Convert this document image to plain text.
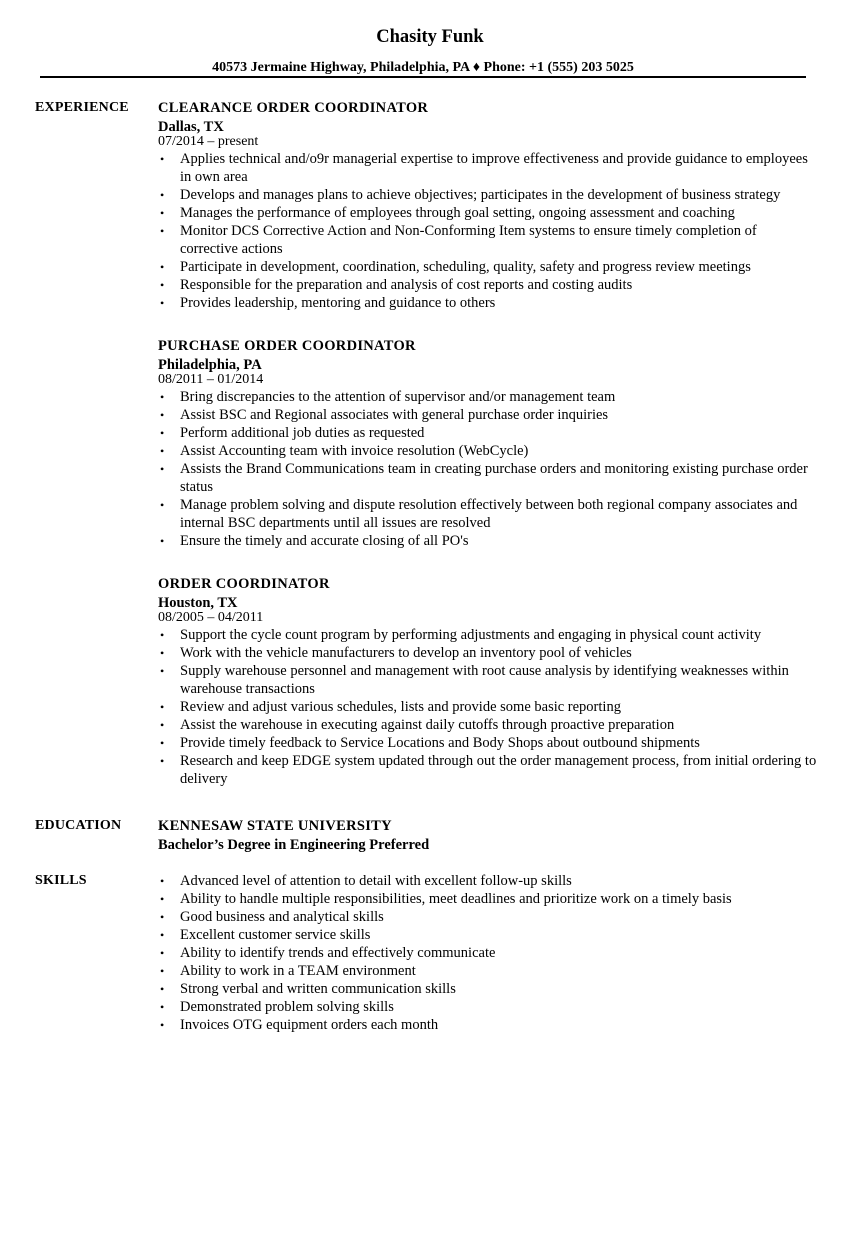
Chasity Funk
40573 Jermaine Highway, Philadelphia, PA ♦ Phone: +1 (555) 203 5025
EXPERIENCE CLEARANCE ORDER COORDINATOR
Dallas, TX
07/2014 – present
• Applies technical and/o9r managerial expertise to improve effectiveness and provide guidance to employees in own area
• Develops and manages plans to achieve objectives; participates in the development of business strategy
• Manages the performance of employees through goal setting, ongoing assessment and coaching
• Monitor DCS Corrective Action and Non-Conforming Item systems to ensure timely completion of corrective actions
• Participate in development, coordination, scheduling, quality, safety and progress review meetings
• Responsible for the preparation and analysis of cost reports and costing audits
• Provides leadership, mentoring and guidance to others
PURCHASE ORDER COORDINATOR
Philadelphia, PA
08/2011 – 01/2014
• Bring discrepancies to the attention of supervisor and/or management team
• Assist BSC and Regional associates with general purchase order inquiries
• Perform additional job duties as requested
• Assist Accounting team with invoice resolution (WebCycle)
• Assists the Brand Communications team in creating purchase orders and monitoring existing purchase order status
• Manage problem solving and dispute resolution effectively between both regional company associates and internal BSC departments until all issues are resolved
• Ensure the timely and accurate closing of all PO's
ORDER COORDINATOR
Houston, TX
08/2005 – 04/2011
• Support the cycle count program by performing adjustments and engaging in physical count activity
• Work with the vehicle manufacturers to develop an inventory pool of vehicles
• Supply warehouse personnel and management with root cause analysis by identifying weaknesses within warehouse transactions
• Review and adjust various schedules, lists and provide some basic reporting
• Assist the warehouse in executing against daily cutoffs through proactive preparation
• Provide timely feedback to Service Locations and Body Shops about outbound shipments
• Research and keep EDGE system updated through out the order management process, from initial ordering to delivery
EDUCATION	KENNESAW STATE UNIVERSITY
Bachelor’s Degree in Engineering Preferred
SKILLS	• Advanced level of attention to detail with excellent follow-up skills
• Ability to handle multiple responsibilities, meet deadlines and prioritize work on a timely basis
• Good business and analytical skills
• Excellent customer service skills
• Ability to identify trends and effectively communicate
• Ability to work in a TEAM environment
• Strong verbal and written communication skills
• Demonstrated problem solving skills
• Invoices OTG equipment orders each month
